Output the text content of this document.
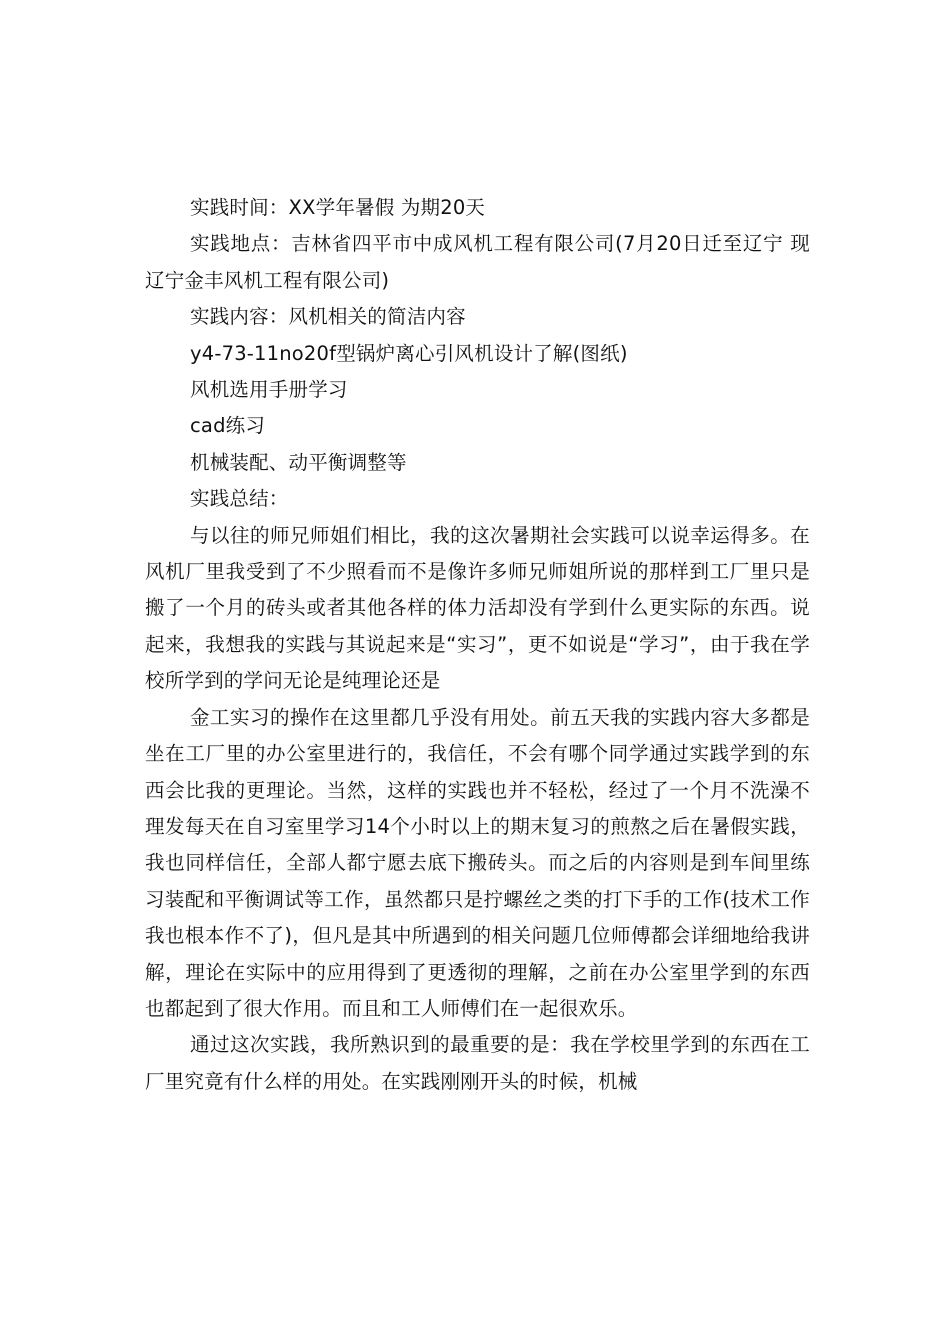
实践时间：XX学年暑假 为期20天

实践地点：吉林省四平市中成风机工程有限公司(7月20日迁至辽宁 现辽宁金丰风机工程有限公司)

实践内容：风机相关的简洁内容

y4-73-11no20f型锅炉离心引风机设计了解(图纸)

风机选用手册学习

cad练习

机械装配、动平衡调整等

实践总结：

与以往的师兄师姐们相比，我的这次暑期社会实践可以说幸运得多。在风机厂里我受到了不少照看而不是像许多师兄师姐所说的那样到工厂里只是搬了一个月的砖头或者其他各样的体力活却没有学到什么更实际的东西。说起来，我想我的实践与其说起来是“实习”，更不如说是“学习”，由于我在学校所学到的学问无论是纯理论还是

金工实习的操作在这里都几乎没有用处。前五天我的实践内容大多都是坐在工厂里的办公室里进行的，我信任，不会有哪个同学通过实践学到的东西会比我的更理论。当然，这样的实践也并不轻松，经过了一个月不洗澡不理发每天在自习室里学习14个小时以上的期末复习的煎熬之后在暑假实践，我也同样信任，全部人都宁愿去底下搬砖头。而之后的内容则是到车间里练习装配和平衡调试等工作，虽然都只是拧螺丝之类的打下手的工作(技术工作我也根本作不了)，但凡是其中所遇到的相关问题几位师傅都会详细地给我讲解，理论在实际中的应用得到了更透彻的理解，之前在办公室里学到的东西也都起到了很大作用。而且和工人师傅们在一起很欢乐。

通过这次实践，我所熟识到的最重要的是：我在学校里学到的东西在工厂里究竟有什么样的用处。在实践刚刚开头的时候，机械
